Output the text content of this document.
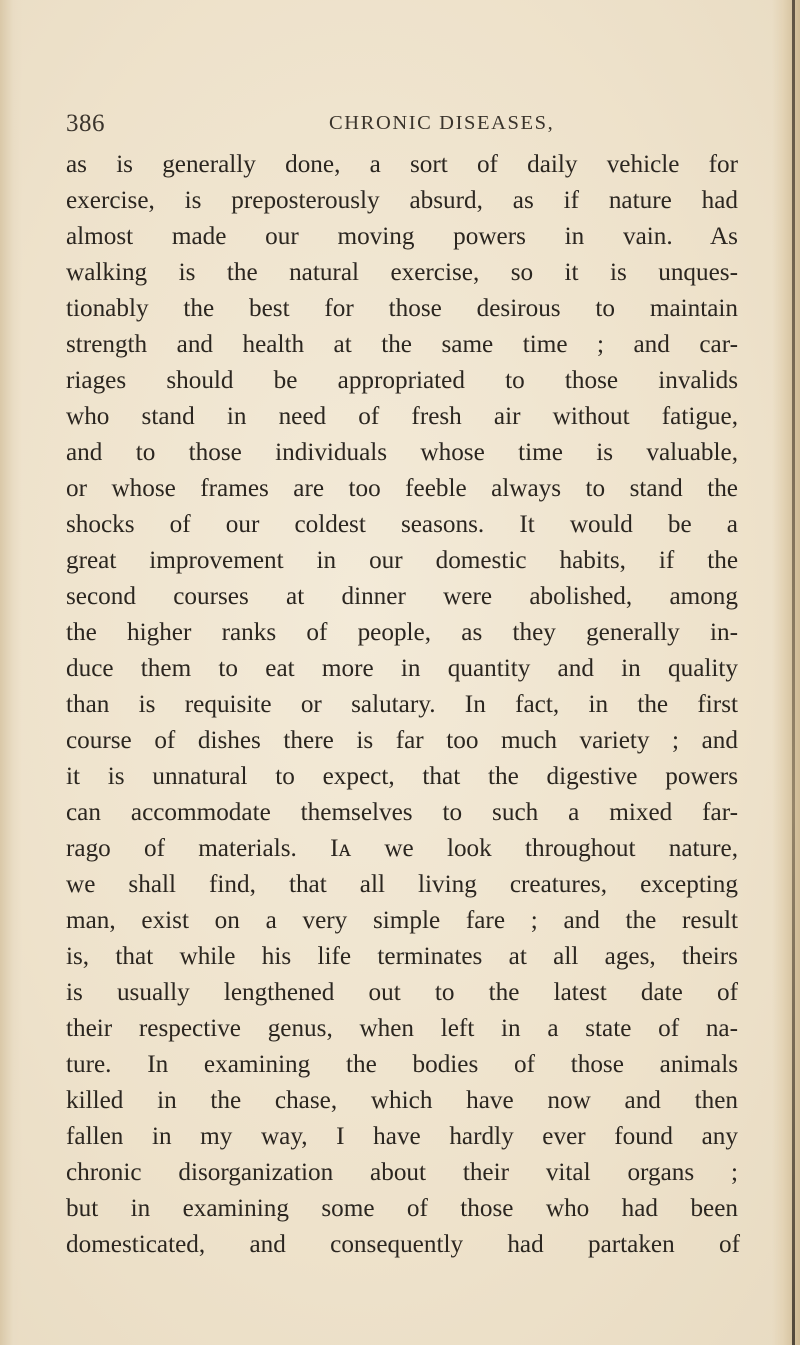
386	CHRONIC DISEASES,
as is generally done, a sort of daily vehicle for
exercise, is preposterously absurd, as if nature had
almost made our moving powers in vain. As
walking is the natural exercise, so it is unques-
tionably the best for those desirous to maintain
strength and health at the same time ; and car-
riages should be appropriated to those invalids
who stand in need of fresh air without fatigue,
and to those individuals whose time is valuable,
or whose frames are too feeble always to stand the
shocks of our coldest seasons. It would be a
great improvement in our domestic habits, if the
second courses at dinner were abolished, among
the higher ranks of people, as they generally in-
duce them to eat more in quantity and in quality
than is requisite or salutary. In fact, in the first
course of dishes there is far too much variety ; and
it is unnatural to expect, that the digestive powers
can accommodate themselves to such a mixed far-
rago of materials. Iᴀ we look throughout nature,
we shall find, that all living creatures, excepting
man, exist on a very simple fare ; and the result
is, that while his life terminates at all ages, theirs
is usually lengthened out to the latest date of
their respective genus, when left in a state of na-
ture. In examining the bodies of those animals
killed in the chase, which have now and then
fallen in my way, I have hardly ever found any
chronic disorganization about their vital organs ;
but in examining some of those who had been
domesticated, and consequently had partaken of
